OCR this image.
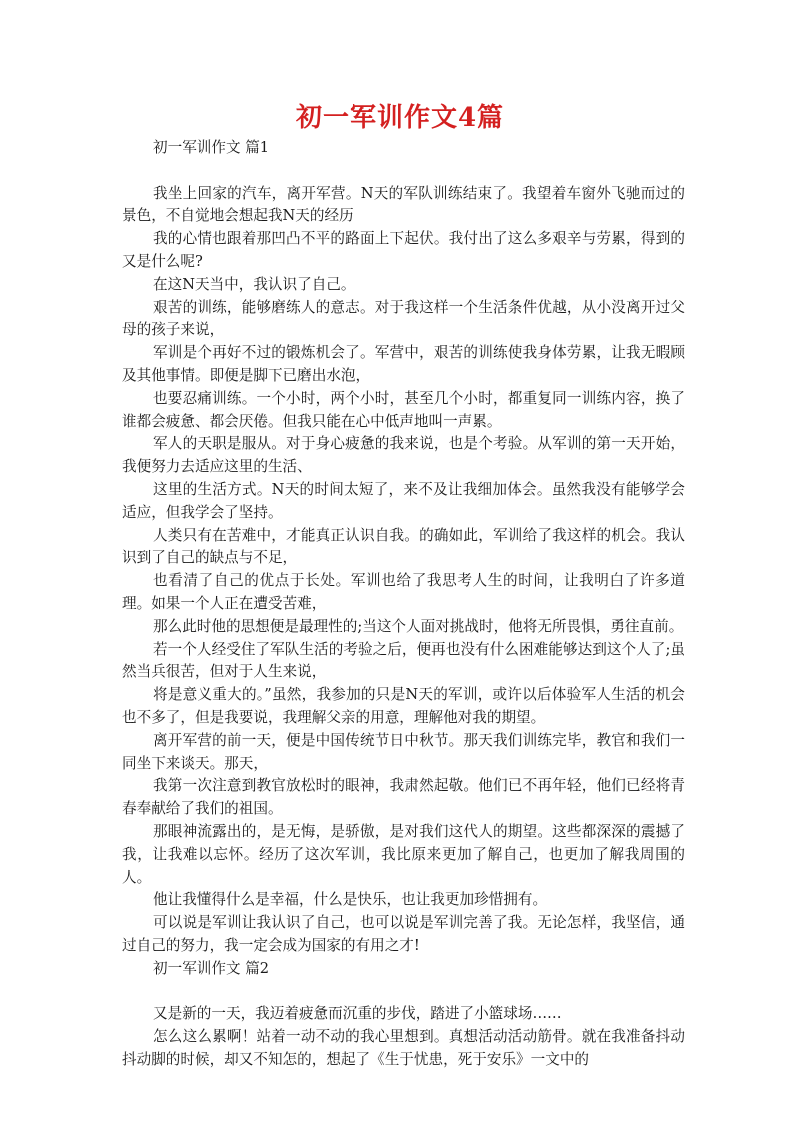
初一军训作文4篇

初一军训作文 篇1

我坐上回家的汽车，离开军营。N天的军队训练结束了。我望着车窗外飞驰而过的景色，不自觉地会想起我N天的经历

我的心情也跟着那凹凸不平的路面上下起伏。我付出了这么多艰辛与劳累，得到的又是什么呢?

在这N天当中，我认识了自己。

艰苦的训练，能够磨练人的意志。对于我这样一个生活条件优越，从小没离开过父母的孩子来说，

军训是个再好不过的锻炼机会了。军营中，艰苦的训练使我身体劳累，让我无暇顾及其他事情。即便是脚下已磨出水泡，

也要忍痛训练。一个小时，两个小时，甚至几个小时，都重复同一训练内容，换了谁都会疲惫、都会厌倦。但我只能在心中低声地叫一声累。

军人的天职是服从。对于身心疲惫的我来说，也是个考验。从军训的第一天开始，我便努力去适应这里的生活、

这里的生活方式。N天的时间太短了，来不及让我细加体会。虽然我没有能够学会适应，但我学会了坚持。

人类只有在苦难中，才能真正认识自我。的确如此，军训给了我这样的机会。我认识到了自己的缺点与不足，

也看清了自己的优点于长处。军训也给了我思考人生的时间，让我明白了许多道理。如果一个人正在遭受苦难，

那么此时他的思想便是最理性的;当这个人面对挑战时，他将无所畏惧，勇往直前。

若一个人经受住了军队生活的考验之后，便再也没有什么困难能够达到这个人了;虽然当兵很苦，但对于人生来说，

将是意义重大的。”虽然，我参加的只是N天的军训，或许以后体验军人生活的机会也不多了，但是我要说，我理解父亲的用意，理解他对我的期望。

离开军营的前一天，便是中国传统节日中秋节。那天我们训练完毕，教官和我们一同坐下来谈天。那天，

我第一次注意到教官放松时的眼神，我肃然起敬。他们已不再年轻，他们已经将青春奉献给了我们的祖国。

那眼神流露出的，是无悔，是骄傲，是对我们这代人的期望。这些都深深的震撼了我，让我难以忘怀。经历了这次军训，我比原来更加了解自己，也更加了解我周围的人。

他让我懂得什么是幸福，什么是快乐，也让我更加珍惜拥有。

可以说是军训让我认识了自己，也可以说是军训完善了我。无论怎样，我坚信，通过自己的努力，我一定会成为国家的有用之才!

初一军训作文 篇2

又是新的一天，我迈着疲惫而沉重的步伐，踏进了小篮球场……

怎么这么累啊！站着一动不动的我心里想到。真想活动活动筋骨。就在我准备抖动抖动脚的时候，却又不知怎的，想起了《生于忧患，死于安乐》一文中的
